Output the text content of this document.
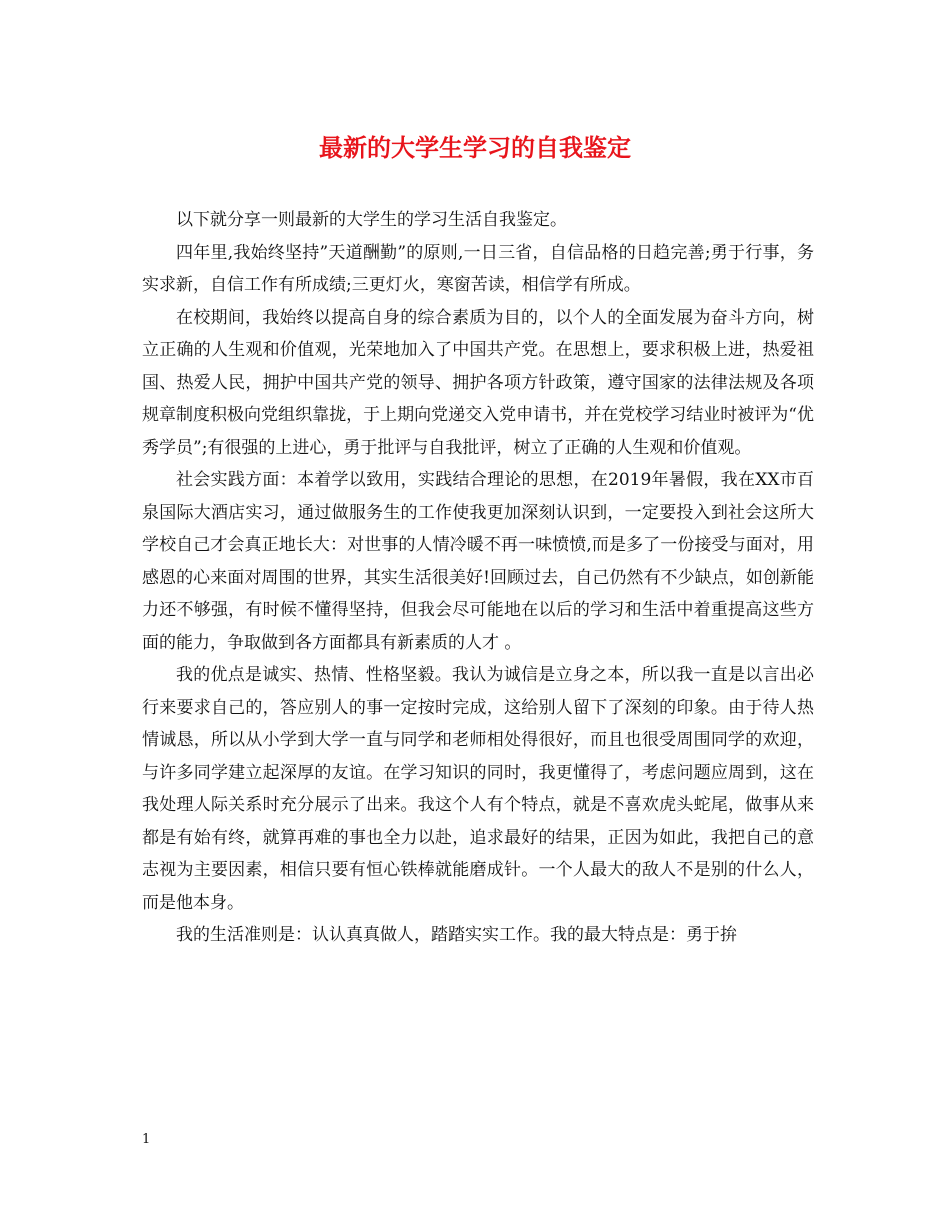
最新的大学生学习的自我鉴定

以下就分享一则最新的大学生的学习生活自我鉴定。

四年里,我始终坚持”天道酬勤”的原则,一日三省，自信品格的日趋完善;勇于行事，务实求新，自信工作有所成绩;三更灯火，寒窗苦读，相信学有所成。

在校期间，我始终以提高自身的综合素质为目的，以个人的全面发展为奋斗方向，树立正确的人生观和价值观，光荣地加入了中国共产党。在思想上，要求积极上进，热爱祖国、热爱人民，拥护中国共产党的领导、拥护各项方针政策，遵守国家的法律法规及各项规章制度积极向党组织靠拢，于上期向党递交入党申请书，并在党校学习结业时被评为“优秀学员”;有很强的上进心，勇于批评与自我批评，树立了正确的人生观和价值观。

社会实践方面：本着学以致用，实践结合理论的思想，在2019年暑假，我在XX市百泉国际大酒店实习，通过做服务生的工作使我更加深刻认识到，一定要投入到社会这所大学校自己才会真正地长大：对世事的人情冷暖不再一味愤愤,而是多了一份接受与面对，用感恩的心来面对周围的世界，其实生活很美好!回顾过去，自己仍然有不少缺点，如创新能力还不够强，有时候不懂得坚持，但我会尽可能地在以后的学习和生活中着重提高这些方面的能力，争取做到各方面都具有新素质的人才 。

我的优点是诚实、热情、性格坚毅。我认为诚信是立身之本，所以我一直是以言出必行来要求自己的，答应别人的事一定按时完成，这给别人留下了深刻的印象。由于待人热情诚恳，所以从小学到大学一直与同学和老师相处得很好，而且也很受周围同学的欢迎，与许多同学建立起深厚的友谊。在学习知识的同时，我更懂得了，考虑问题应周到，这在我处理人际关系时充分展示了出来。我这个人有个特点，就是不喜欢虎头蛇尾，做事从来都是有始有终，就算再难的事也全力以赴，追求最好的结果，正因为如此，我把自己的意志视为主要因素，相信只要有恒心铁棒就能磨成针。一个人最大的敌人不是别的什么人，而是他本身。

我的生活准则是：认认真真做人，踏踏实实工作。我的最大特点是：勇于拚

1
